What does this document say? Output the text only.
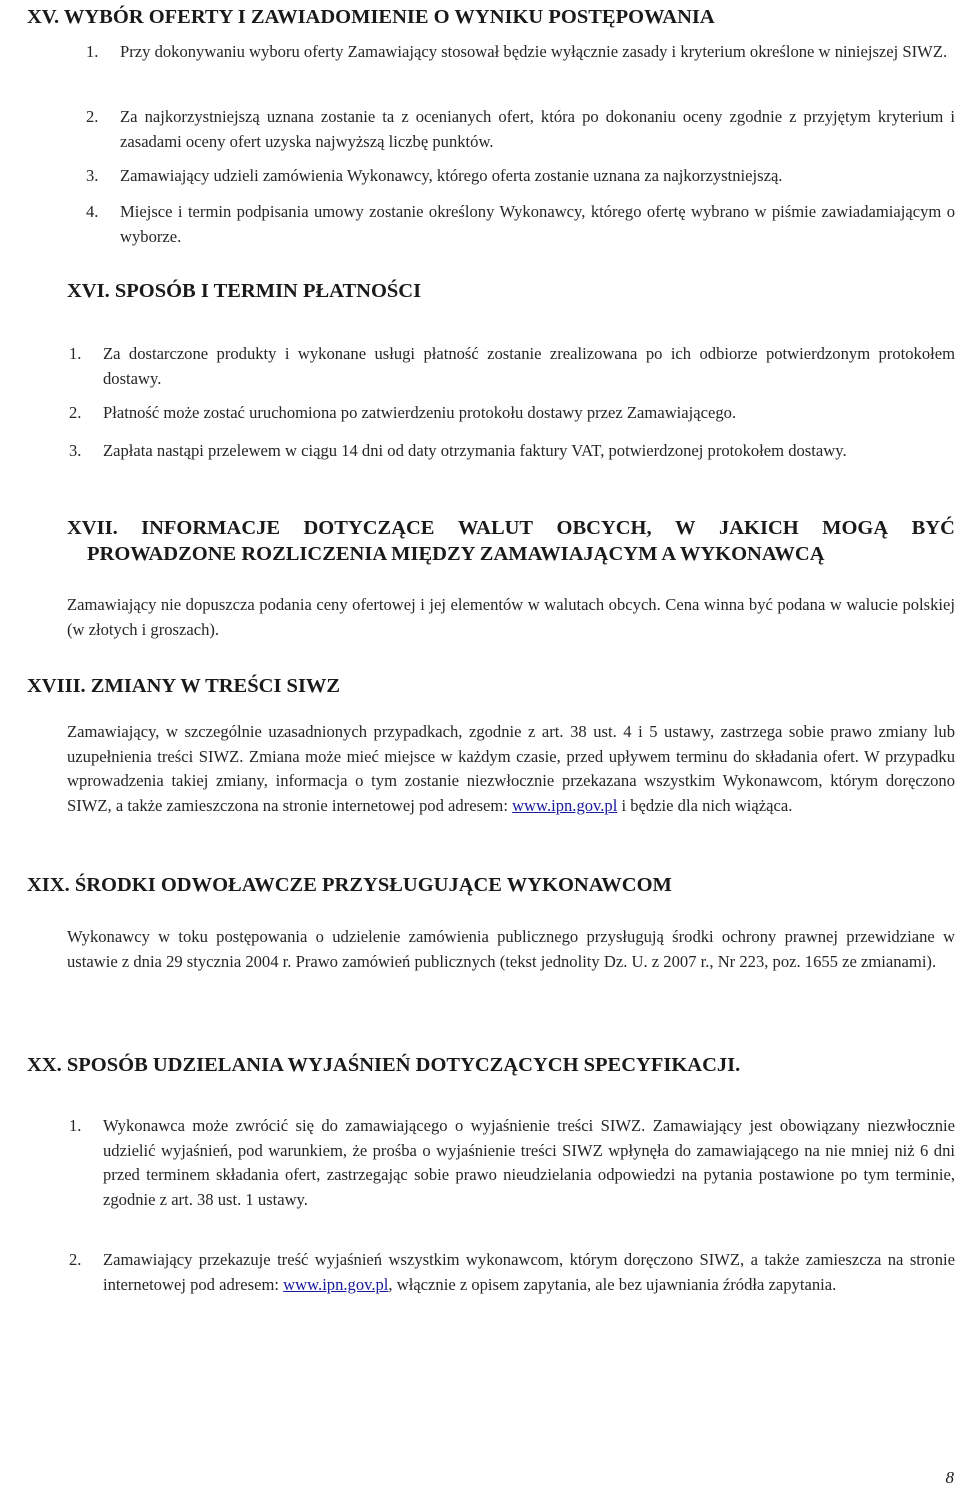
XV. WYBÓR OFERTY I ZAWIADOMIENIE O WYNIKU POSTĘPOWANIA
1. Przy dokonywaniu wyboru oferty Zamawiający stosował będzie wyłącznie zasady i kryterium określone w niniejszej SIWZ.
2. Za najkorzystniejszą uznana zostanie ta z ocenianych ofert, która po dokonaniu oceny zgodnie z przyjętym kryterium i zasadami oceny ofert uzyska najwyższą liczbę punktów.
3. Zamawiający udzieli zamówienia Wykonawcy, którego oferta zostanie uznana za najkorzystniejszą.
4. Miejsce i termin podpisania umowy zostanie określony Wykonawcy, którego ofertę wybrano w piśmie zawiadamiającym o wyborze.
XVI. SPOSÓB I TERMIN PŁATNOŚCI
1. Za dostarczone produkty i wykonane usługi płatność zostanie zrealizowana po ich odbiorze potwierdzonym protokołem dostawy.
2. Płatność może zostać uruchomiona po zatwierdzeniu protokołu dostawy przez Zamawiającego.
3. Zapłata nastąpi przelewem w ciągu 14 dni od daty otrzymania faktury VAT, potwierdzonej protokołem dostawy.
XVII. INFORMACJE DOTYCZĄCE WALUT OBCYCH, W JAKICH MOGĄ BYĆ
PROWADZONE ROZLICZENIA MIĘDZY ZAMAWIAJĄCYM A WYKONAWCĄ
Zamawiający nie dopuszcza podania ceny ofertowej i jej elementów w walutach obcych. Cena winna być podana w walucie polskiej (w złotych i groszach).
XVIII. ZMIANY W TREŚCI SIWZ
Zamawiający, w szczególnie uzasadnionych przypadkach, zgodnie z art. 38 ust. 4 i 5 ustawy, zastrzega sobie prawo zmiany lub uzupełnienia treści SIWZ. Zmiana może mieć miejsce w każdym czasie, przed upływem terminu do składania ofert. W przypadku wprowadzenia takiej zmiany, informacja o tym zostanie niezwłocznie przekazana wszystkim Wykonawcom, którym doręczono SIWZ, a także zamieszczona na stronie internetowej pod adresem: www.ipn.gov.pl i będzie dla nich wiążąca.
XIX. ŚRODKI ODWOŁAWCZE PRZYSŁUGUJĄCE WYKONAWCOM
Wykonawcy w toku postępowania o udzielenie zamówienia publicznego przysługują środki ochrony prawnej przewidziane w ustawie z dnia 29 stycznia 2004 r. Prawo zamówień publicznych (tekst jednolity Dz. U. z 2007 r., Nr 223, poz. 1655 ze zmianami).
XX. SPOSÓB UDZIELANIA WYJAŚNIEŃ DOTYCZĄCYCH SPECYFIKACJI.
1. Wykonawca może zwrócić się do zamawiającego o wyjaśnienie treści SIWZ. Zamawiający jest obowiązany niezwłocznie udzielić wyjaśnień, pod warunkiem, że prośba o wyjaśnienie treści SIWZ wpłynęła do zamawiającego na nie mniej niż 6 dni przed terminem składania ofert, zastrzegając sobie prawo nieudzielania odpowiedzi na pytania postawione po tym terminie, zgodnie z art. 38 ust. 1 ustawy.
2. Zamawiający przekazuje treść wyjaśnień wszystkim wykonawcom, którym doręczono SIWZ, a także zamieszcza na stronie internetowej pod adresem: www.ipn.gov.pl, włącznie z opisem zapytania, ale bez ujawniania źródła zapytania.
8
